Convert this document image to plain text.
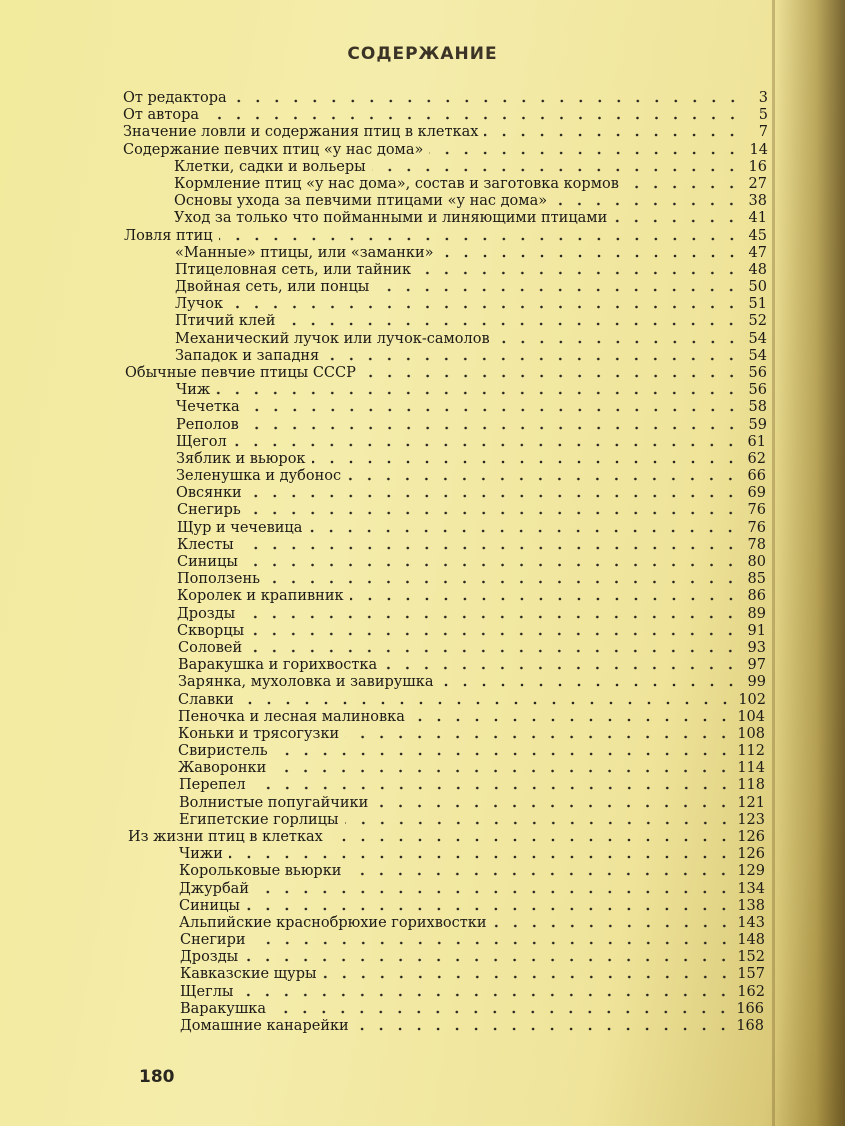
СОДЕРЖАНИЕ
От редактора	3
От автора	5
Значение ловли и содержания птиц в клетках	7
Содержание певчих птиц «у нас дома»	14
Клетки, садки и вольеры	16
Кормление птиц «у нас дома», состав и заготовка кормов	27
Основы ухода за певчими птицами «у нас дома»	38
Уход за только что пойманными и линяющими птицами	41
Ловля птиц	45
«Манные» птицы, или «заманки»	47
Птицеловная сеть, или тайник	48
Двойная сеть, или понцы	50
Лучок	51
Птичий клей	52
Механический лучок или лучок-самолов	54
Западок и западня	54
Обычные певчие птицы СССР	56
Чиж	56
Чечетка	58
Реполов	59
Щегол	61
Зяблик и вьюрок	62
Зеленушка и дубонос	66
Овсянки	69
Снегирь	76
Щур и чечевица	76
Клесты	78
Синицы	80
Поползень	85
Королек и крапивник	86
Дрозды	89
Скворцы	91
Соловей	93
Варакушка и горихвостка	97
Зарянка, мухоловка и завирушка	99
Славки	102
Пеночка и лесная малиновка	104
Коньки и трясогузки	108
Свиристель	112
Жаворонки	114
Перепел	118
Волнистые попугайчики	121
Египетские горлицы	123
Из жизни птиц в клетках	126
Чижи	126
Корольковые вьюрки	129
Джурбай	134
Синицы	138
Альпийские краснобрюхие горихвостки	143
Снегири	148
Дрозды	152
Кавказские щуры	157
Щеглы	162
Варакушка	166
Домашние канарейки	168
180
